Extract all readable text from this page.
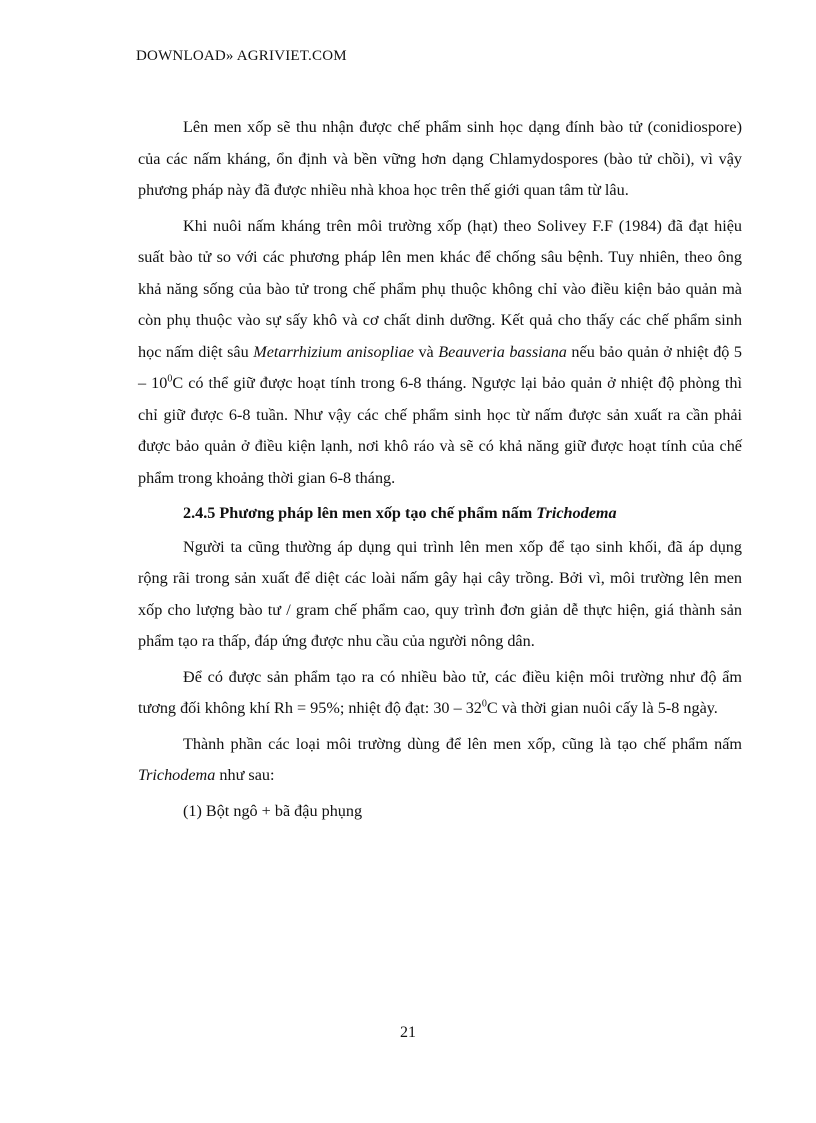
DOWNLOAD» AGRIVIET.COM

Lên men xốp sẽ thu nhận được chế phẩm sinh học dạng đính bào tử (conidiospore) của các nấm kháng, ổn định và bền vững hơn dạng Chlamydospores (bào tử chồi), vì vậy phương pháp này đã được nhiều nhà khoa học trên thế giới quan tâm từ lâu.

Khi nuôi nấm kháng trên môi trường xốp (hạt) theo Solivey F.F (1984) đã đạt hiệu suất bào tử so với các phương pháp lên men khác để chống sâu bệnh. Tuy nhiên, theo ông khả năng sống của bào tử trong chế phẩm phụ thuộc không chỉ vào điều kiện bảo quản mà còn phụ thuộc vào sự sấy khô và cơ chất dinh dưỡng. Kết quả cho thấy các chế phẩm sinh học nấm diệt sâu Metarrhizium anisopliae và Beauveria bassiana nếu bảo quản ở nhiệt độ $5 - 10^0C$ có thể giữ được hoạt tính trong 6-8 tháng. Ngược lại bảo quản ở nhiệt độ phòng thì chỉ giữ được 6-8 tuần. Như vậy các chế phẩm sinh học từ nấm được sản xuất ra cần phải được bảo quản ở điều kiện lạnh, nơi khô ráo và sẽ có khả năng giữ được hoạt tính của chế phẩm trong khoảng thời gian 6-8 tháng.

2.4.5 Phương pháp lên men xốp tạo chế phẩm nấm Trichodema

Người ta cũng thường áp dụng qui trình lên men xốp để tạo sinh khối, đã áp dụng rộng rãi trong sản xuất để diệt các loài nấm gây hại cây trồng. Bởi vì, môi trường lên men xốp cho lượng bào tư / gram chế phẩm cao, quy trình đơn giản dễ thực hiện, giá thành sản phẩm tạo ra thấp, đáp ứng được nhu cầu của người nông dân.

Để có được sản phẩm tạo ra có nhiều bào tử, các điều kiện môi trường như độ ẩm tương đối không khí Rh = 95%; nhiệt độ đạt: $30 - 32^0C$ và thời gian nuôi cấy là 5-8 ngày.

Thành phần các loại môi trường dùng để lên men xốp, cũng là tạo chế phẩm nấm Trichodema như sau:

(1) Bột ngô + bã đậu phụng

21
